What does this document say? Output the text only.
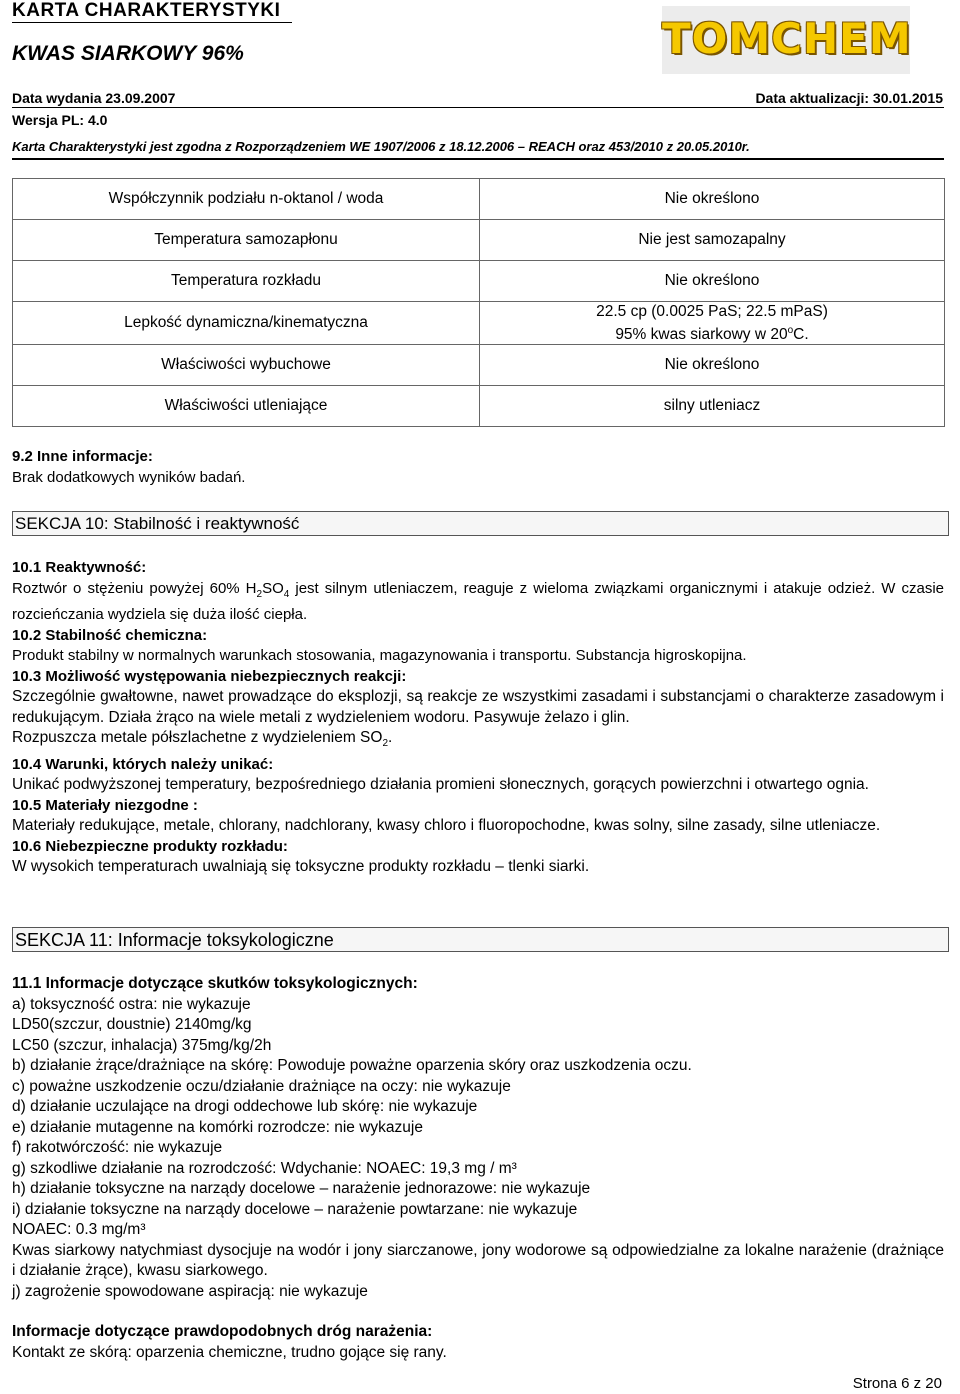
KARTA CHARAKTERYSTYKI
KWAS SIARKOWY 96%	TOMCHEM
Data wydania 23.09.2007	Data aktualizacji: 30.01.2015
Wersja PL: 4.0
Karta Charakterystyki jest zgodna z Rozporządzeniem WE 1907/2006 z 18.12.2006 – REACH oraz 453/2010 z 20.05.2010r.
Współczynnik podziału n-oktanol / woda	Nie określono
Temperatura samozapłonu	Nie jest samozapalny
Temperatura rozkładu	Nie określono
Lepkość dynamiczna/kinematyczna	22.5 cp (0.0025 PaS; 22.5 mPaS)
95% kwas siarkowy w 20$^o$C.

Właściwości wybuchowe	Nie określono
Właściwości utleniające	silny utleniacz

9.2 Inne informacje:

Brak dodatkowych wyników badań.

SEKCJA 10: Stabilność i reaktywność

10.1 Reaktywność:

Roztwór o stężeniu powyżej 60% $H_2SO_4$ jest silnym utleniaczem, reaguje z wieloma związkami organicznymi i atakuje odzież. W czasie rozcieńczania wydziela się duża ilość ciepła.

10.2 Stabilność chemiczna:

Produkt stabilny w normalnych warunkach stosowania, magazynowania i transportu. Substancja higroskopijna.

10.3 Możliwość występowania niebezpiecznych reakcji:

Szczególnie gwałtowne, nawet prowadzące do eksplozji, są reakcje ze wszystkimi zasadami i substancjami o charakterze zasadowym i redukującym. Działa żrąco na wiele metali z wydzieleniem wodoru. Pasywuje żelazo i glin.

Rozpuszcza metale półszlachetne z wydzieleniem $SO_2$.

10.4 Warunki, których należy unikać:

Unikać podwyższonej temperatury, bezpośredniego działania promieni słonecznych, gorących powierzchni i otwartego ognia.

10.5 Materiały niezgodne :

Materiały redukujące, metale, chlorany, nadchlorany, kwasy chloro i fluoropochodne, kwas solny, silne zasady, silne utleniacze.

10.6 Niebezpieczne produkty rozkładu:

W wysokich temperaturach uwalniają się toksyczne produkty rozkładu – tlenki siarki.

SEKCJA 11: Informacje toksykologiczne

11.1 Informacje dotyczące skutków toksykologicznych:

a) toksyczność ostra: nie wykazuje

LD50(szczur, doustnie) 2140mg/kg

LC50 (szczur, inhalacja) 375mg/kg/2h

b) działanie żrące/drażniące na skórę: Powoduje poważne oparzenia skóry oraz uszkodzenia oczu.

c) poważne uszkodzenie oczu/działanie drażniące na oczy: nie wykazuje

d) działanie uczulające na drogi oddechowe lub skórę: nie wykazuje

e) działanie mutagenne na komórki rozrodcze: nie wykazuje

f) rakotwórczość: nie wykazuje

g) szkodliwe działanie na rozrodczość: Wdychanie: NOAEC: 19,3 mg / m³

h) działanie toksyczne na narządy docelowe – narażenie jednorazowe: nie wykazuje

i) działanie toksyczne na narządy docelowe – narażenie powtarzane: nie wykazuje

NOAEC: 0.3 mg/m³

Kwas siarkowy natychmiast dysocjuje na wodór i jony siarczanowe, jony wodorowe są odpowiedzialne za lokalne narażenie (drażniące i działanie żrące), kwasu siarkowego.

j) zagrożenie spowodowane aspiracją: nie wykazuje

Informacje dotyczące prawdopodobnych dróg narażenia:

Kontakt ze skórą: oparzenia chemiczne, trudno gojące się rany.

Strona 6 z 20
